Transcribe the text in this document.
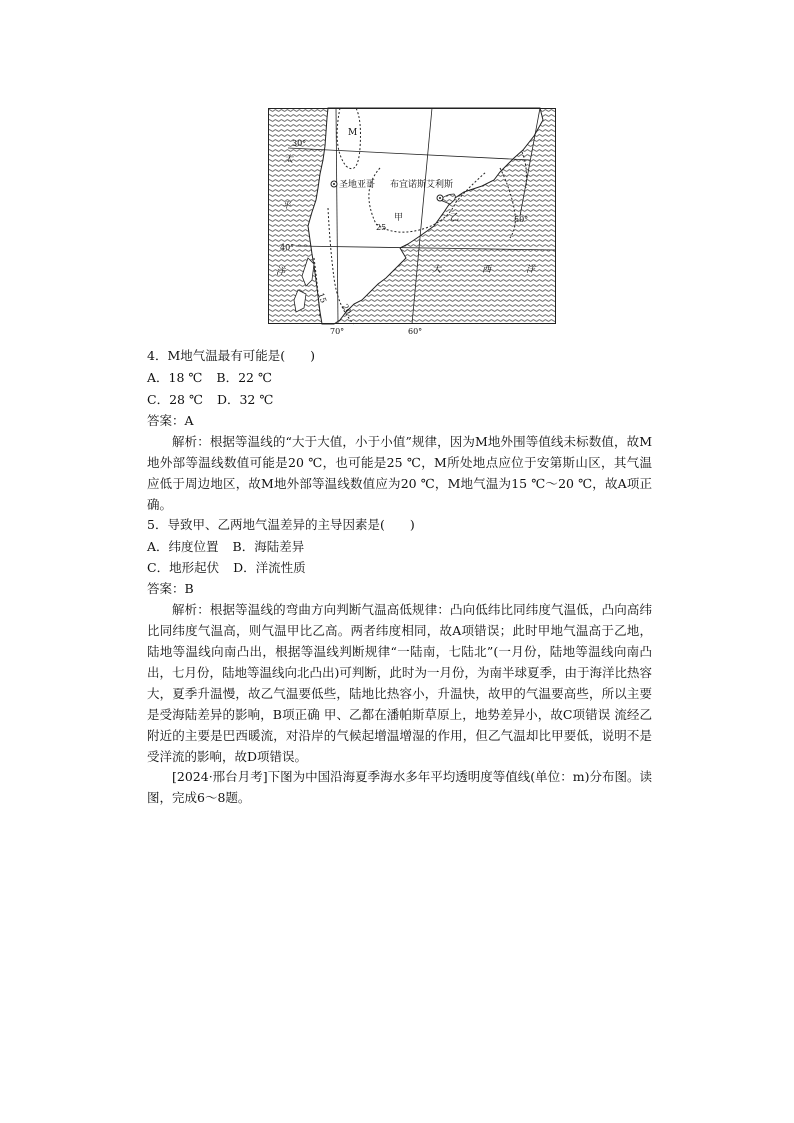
M
30°
40°
70°	60°
50°
圣地亚哥 布宜诺斯艾利斯
甲	乙
25
20
15
太
平
洋	大	西	洋
4．M地气温最有可能是(　　)
A．18 ℃ B．22 ℃
C．28 ℃ D．32 ℃
答案：A
解析：根据等温线的“大于大值，小于小值”规律，因为M地外围等值线未标数值，故M地外部等温线数值可能是20 ℃，也可能是25 ℃，M所处地点应位于安第斯山区，其气温应低于周边地区，故M地外部等温线数值应为20 ℃，M地气温为15 ℃～20 ℃，故A项正确。
5．导致甲、乙两地气温差异的主导因素是(　　)
A．纬度位置 B．海陆差异
C．地形起伏 D．洋流性质
答案：B
解析：根据等温线的弯曲方向判断气温高低规律：凸向低纬比同纬度气温低，凸向高纬比同纬度气温高，则气温甲比乙高。两者纬度相同，故A项错误；此时甲地气温高于乙地，陆地等温线向南凸出，根据等温线判断规律“一陆南，七陆北”(一月份，陆地等温线向南凸出，七月份，陆地等温线向北凸出)可判断，此时为一月份，为南半球夏季，由于海洋比热容大，夏季升温慢，故乙气温要低些，陆地比热容小，升温快，故甲的气温要高些，所以主要是受海陆差异的影响，B项正确 甲、乙都在潘帕斯草原上，地势差异小，故C项错误 流经乙附近的主要是巴西暖流，对沿岸的气候起增温增湿的作用，但乙气温却比甲要低，说明不是受洋流的影响，故D项错误。
[2024·邢台月考]下图为中国沿海夏季海水多年平均透明度等值线(单位：m)分布图。读图，完成6～8题。
